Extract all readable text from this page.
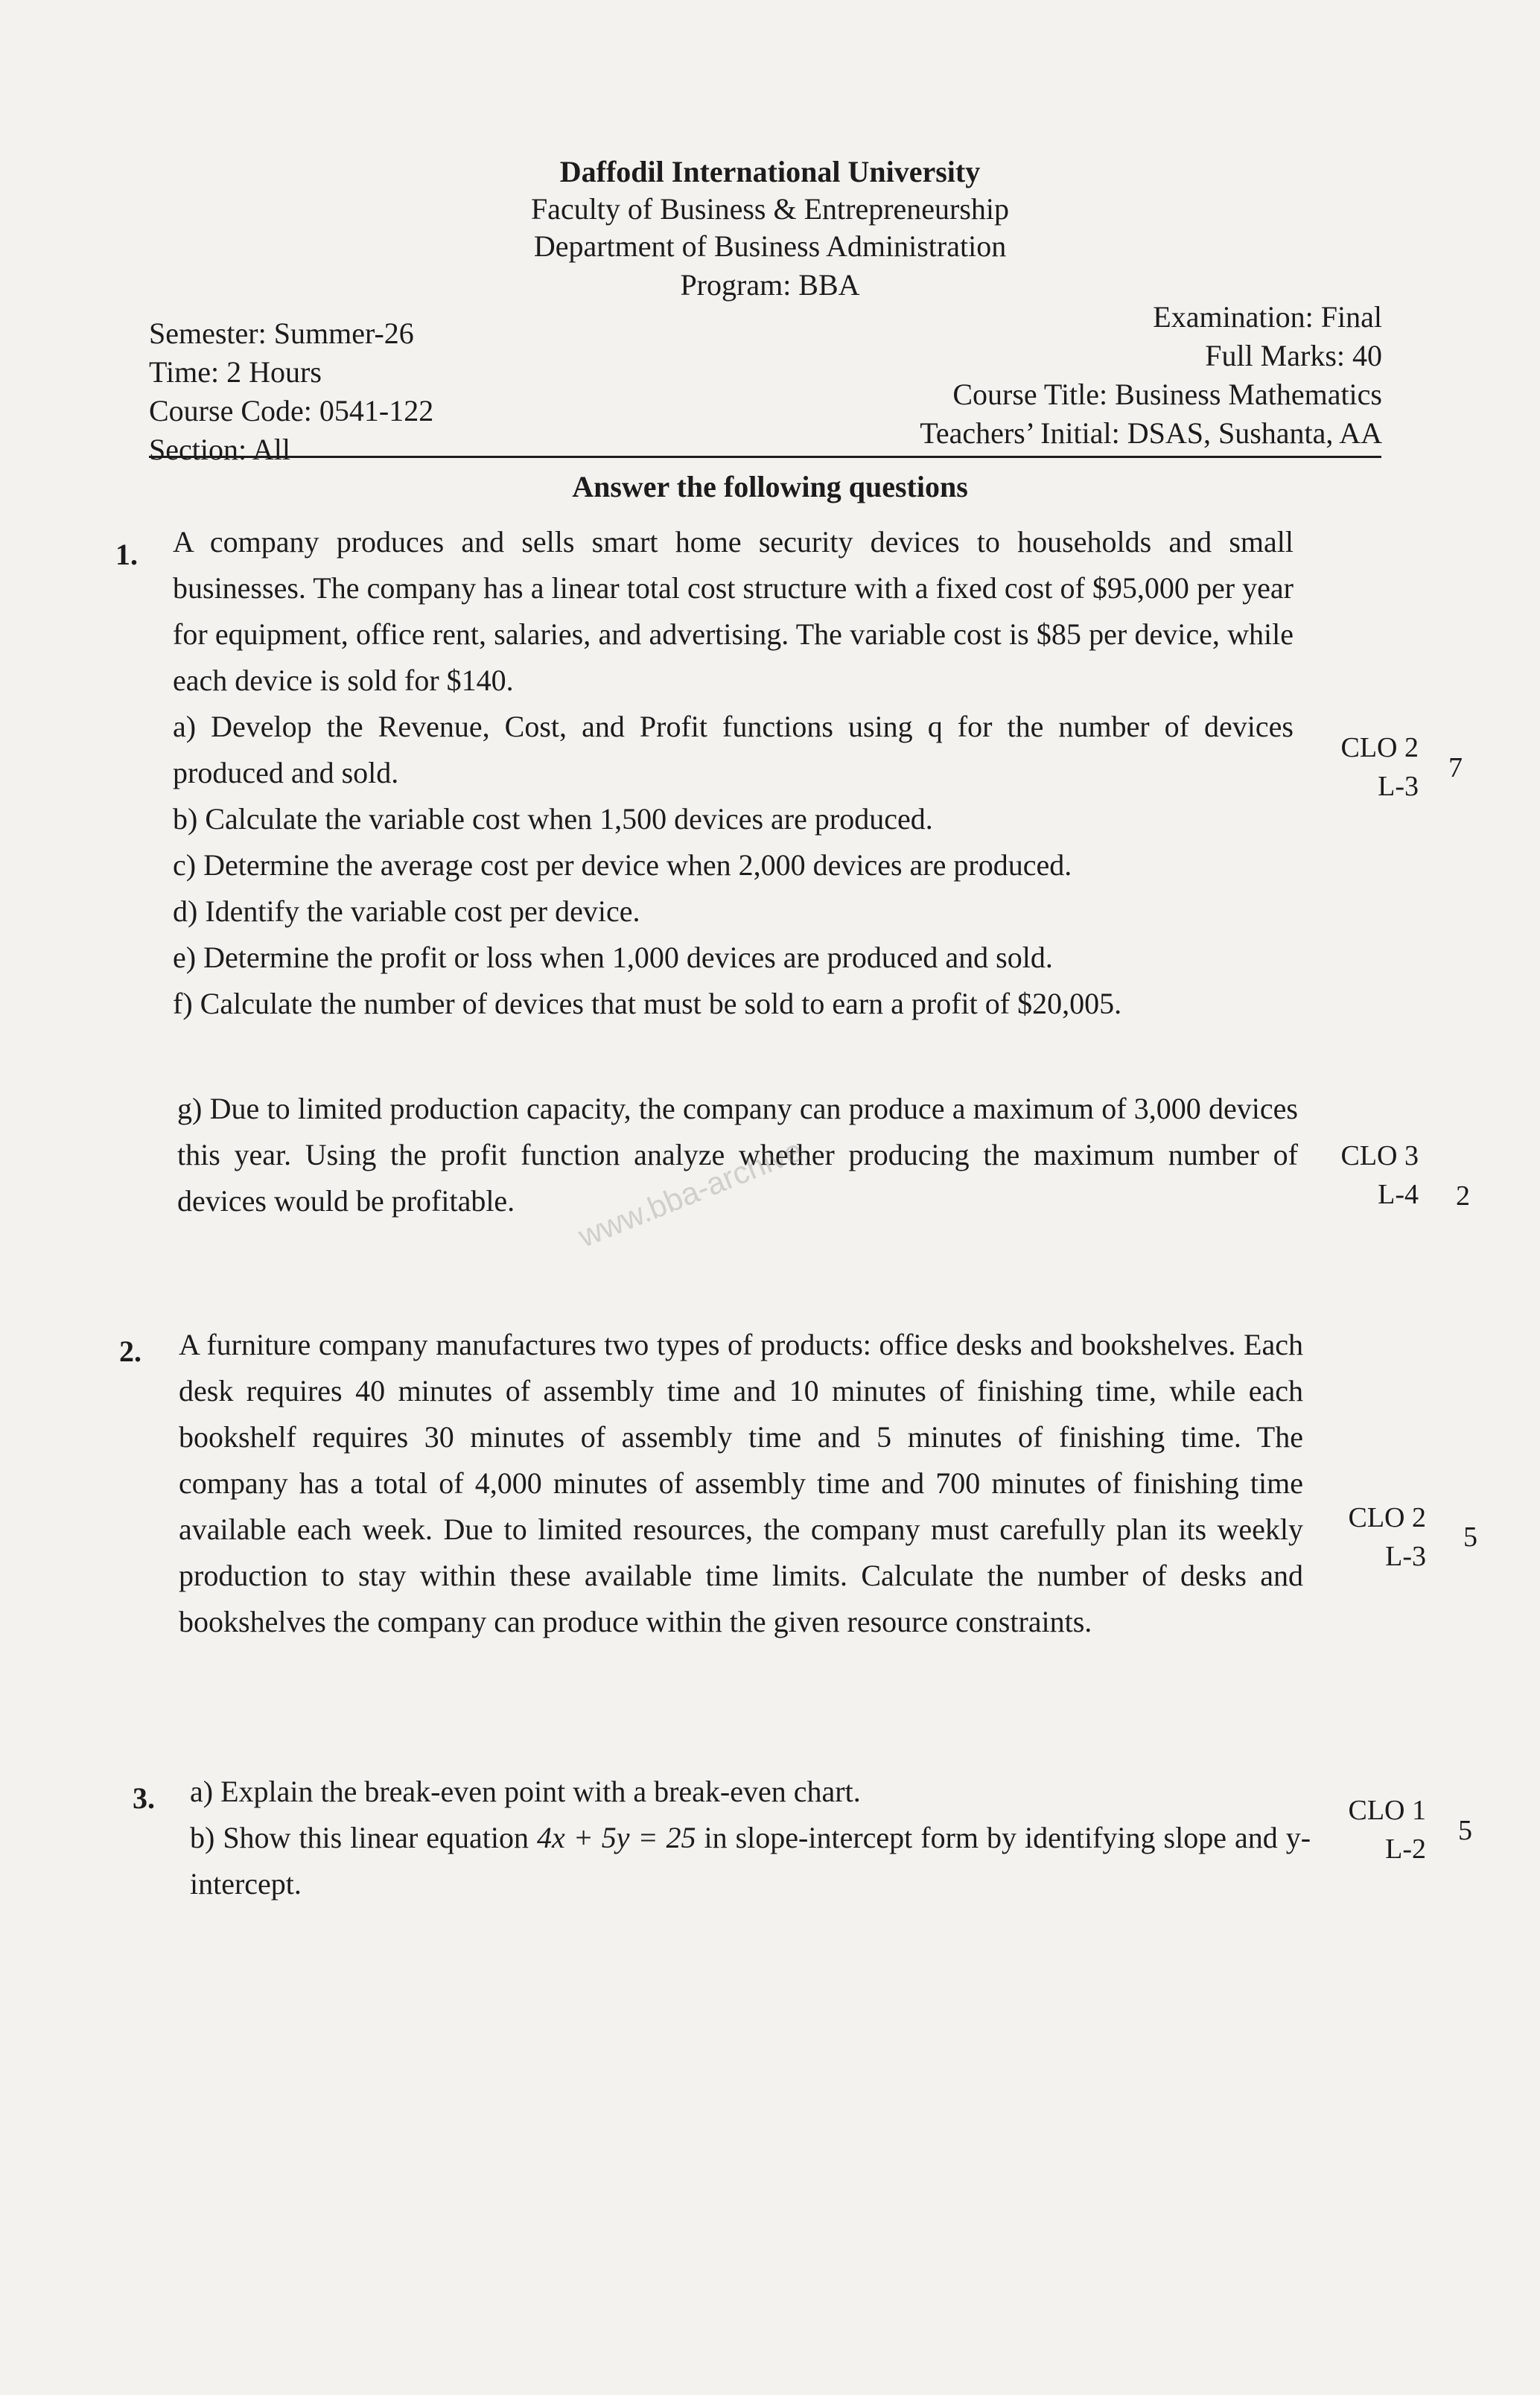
Daffodil International University
Faculty of Business & Entrepreneurship
Department of Business Administration
Program: BBA
Semester: Summer-26
Time: 2 Hours
Course Code: 0541-122
Section: All
Examination: Final
Full Marks: 40
Course Title: Business Mathematics
Teachers’ Initial: DSAS, Sushanta, AA
Answer the following questions
1. A company produces and sells smart home security devices to households and small businesses. The company has a linear total cost structure with a fixed cost of $95,000 per year for equipment, office rent, salaries, and advertising. The variable cost is $85 per device, while each device is sold for $140.

a) Develop the Revenue, Cost, and Profit functions using q for the number of devices produced and sold.

b) Calculate the variable cost when 1,500 devices are produced.

c) Determine the average cost per device when 2,000 devices are produced.

d) Identify the variable cost per device.

e) Determine the profit or loss when 1,000 devices are produced and sold.

f) Calculate the number of devices that must be sold to earn a profit of $20,005.

CLO 2
L-3
7
g) Due to limited production capacity, the company can produce a maximum of 3,000 devices this year. Using the profit function analyze whether producing the maximum number of devices would be profitable.
CLO 3
L-4 2
www.bba-archive
2. A furniture company manufactures two types of products: office desks and bookshelves. Each desk requires 40 minutes of assembly time and 10 minutes of finishing time, while each bookshelf requires 30 minutes of assembly time and 5 minutes of finishing time. The company has a total of 4,000 minutes of assembly time and 700 minutes of finishing time available each week. Due to limited resources, the company must carefully plan its weekly production to stay within these available time limits. Calculate the number of desks and bookshelves the company can produce within the given resource constraints.
CLO 2
L-3
5
3. a) Explain the break-even point with a break-even chart.

b) Show this linear equation 4x + 5y = 25 in slope-intercept form by identifying slope and y-intercept.

CLO 1
L-2
5
